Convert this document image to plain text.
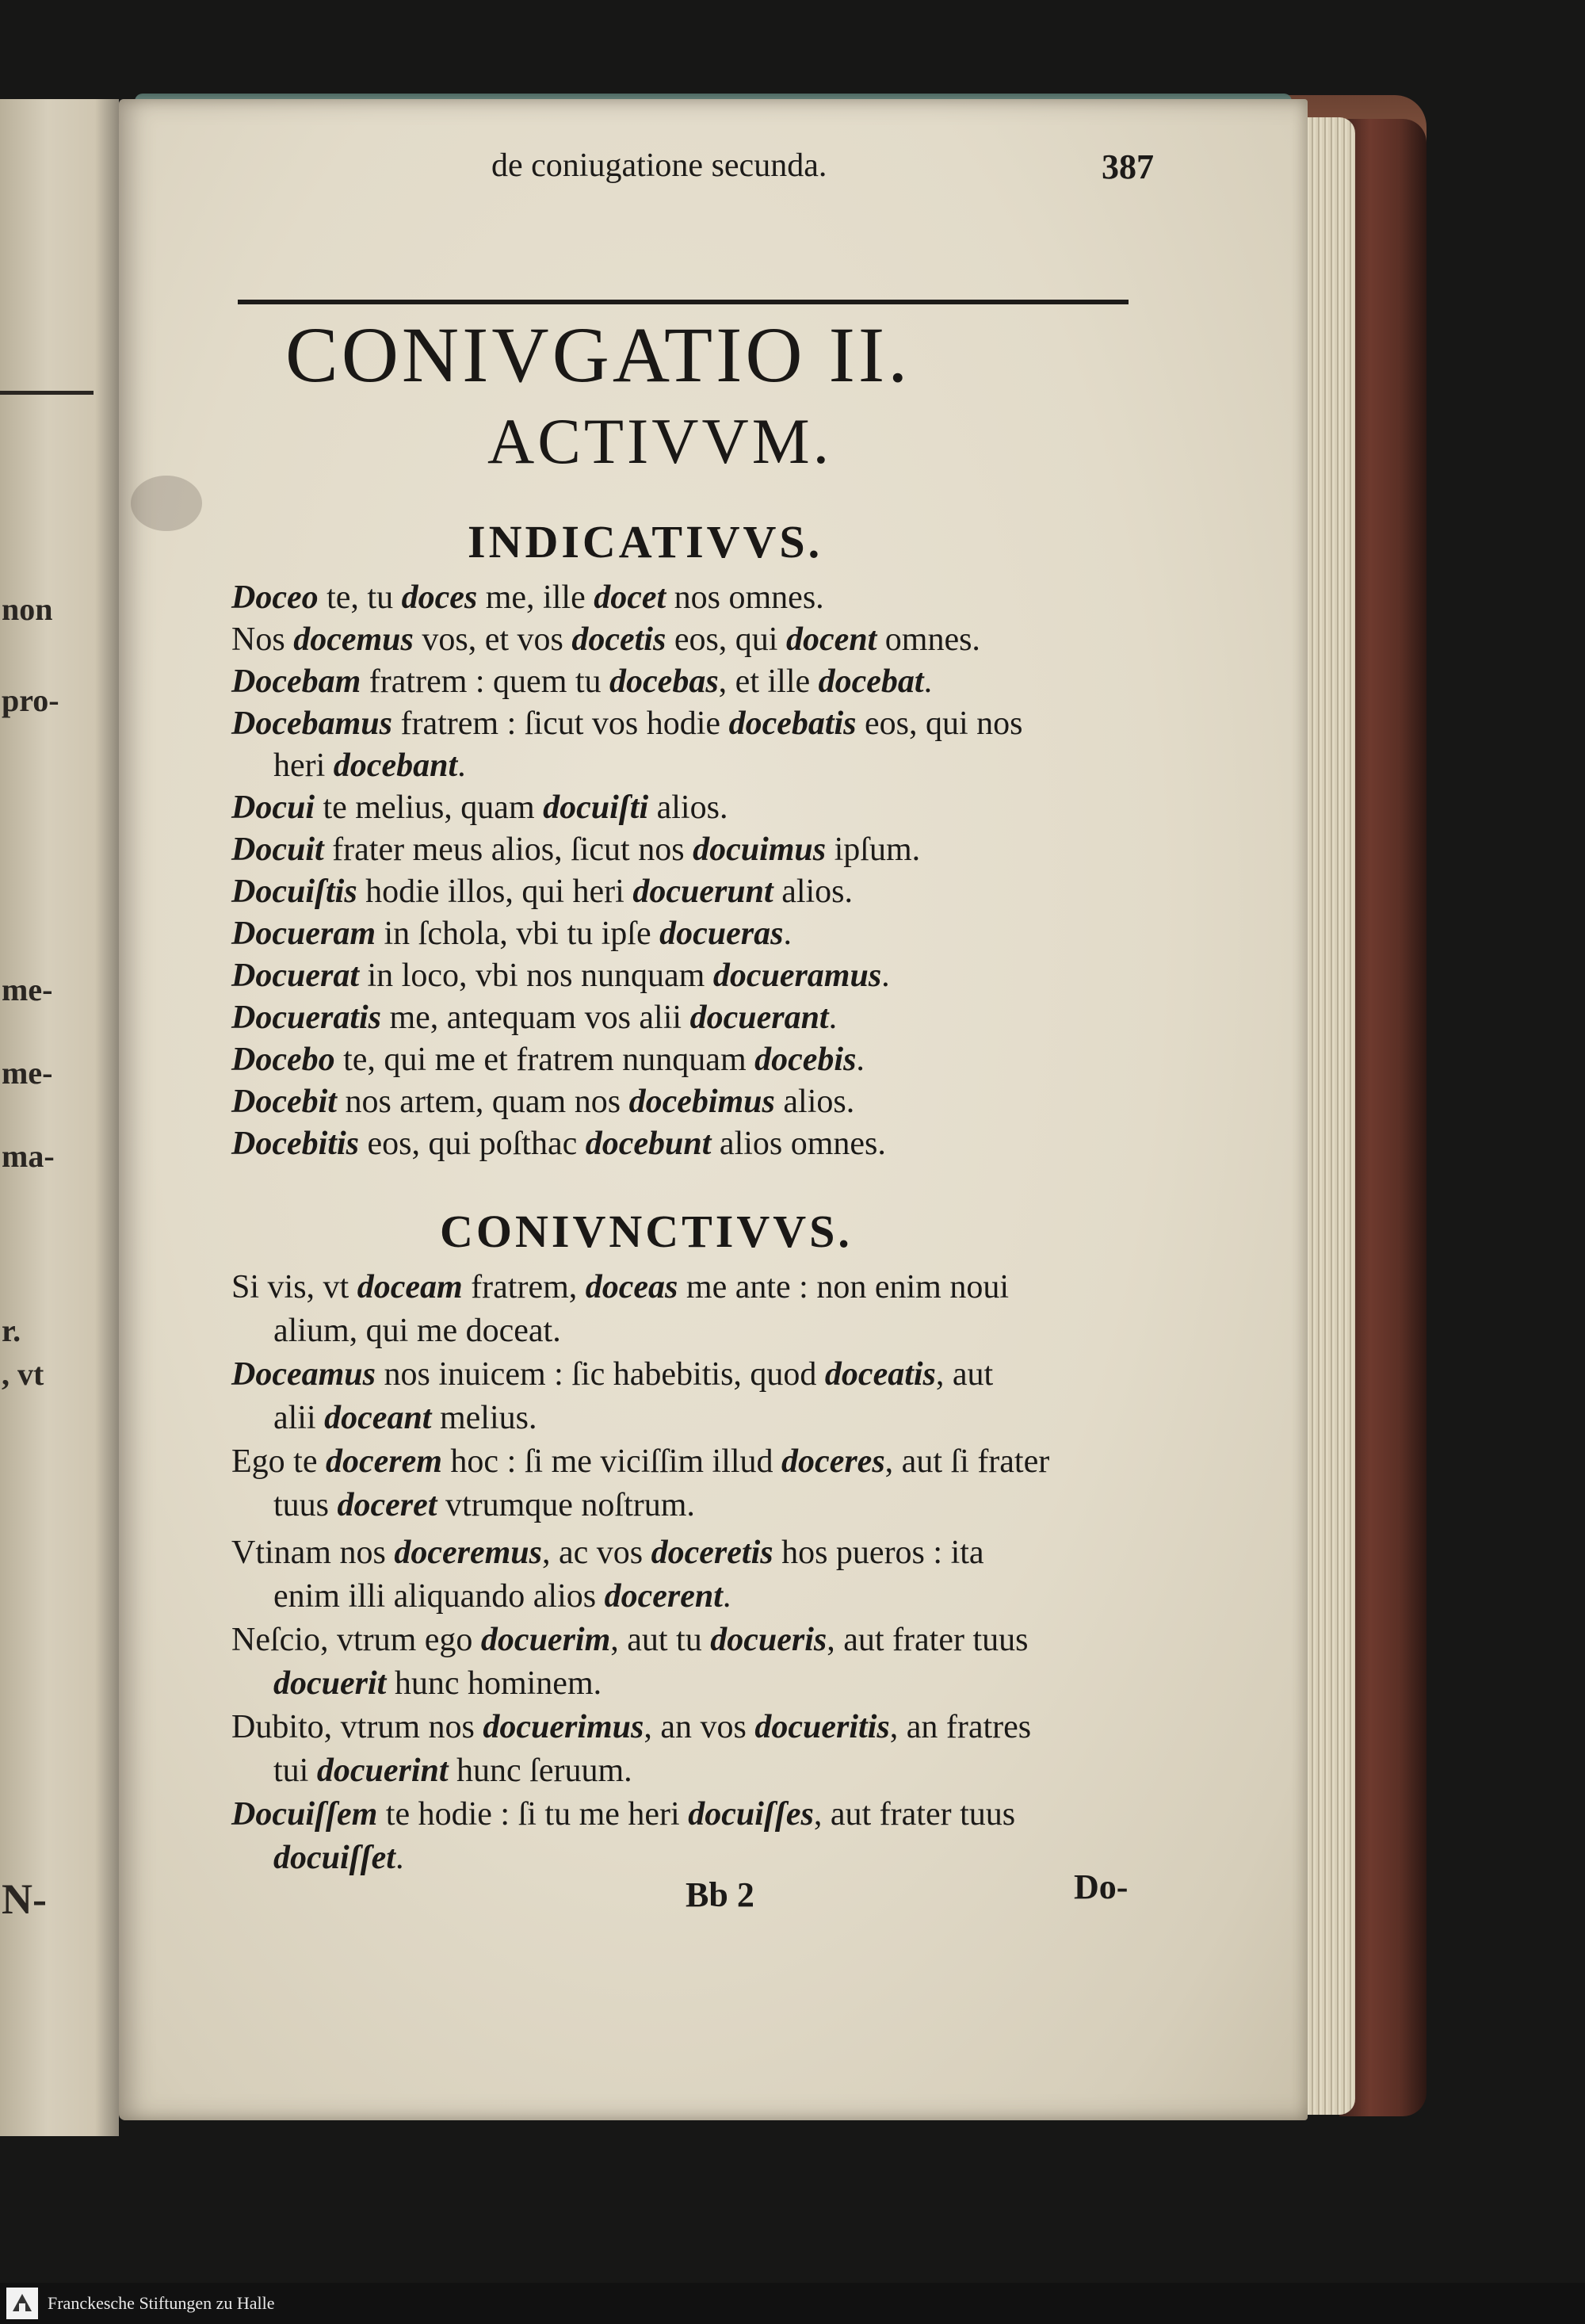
non
pro-
me-
me-
ma-
r.
, vt
N-
de coniugatione secunda.	387
CONIVGATIO II.
ACTIVVM.
INDICATIVVS.
Doceo te, tu doces me, ille docet nos omnes.
Nos docemus vos, et vos docetis eos, qui docent omnes.
Docebam fratrem : quem tu docebas, et ille docebat.
Docebamus fratrem : ſicut vos hodie docebatis eos, qui nos
heri docebant.
Docui te melius, quam docuiſti alios.
Docuit frater meus alios, ſicut nos docuimus ipſum.
Docuiſtis hodie illos, qui heri docuerunt alios.
Docueram in ſchola, vbi tu ipſe docueras.
Docuerat in loco, vbi nos nunquam docueramus.
Docueratis me, antequam vos alii docuerant.
Docebo te, qui me et fratrem nunquam docebis.
Docebit nos artem, quam nos docebimus alios.
Docebitis eos, qui poſthac docebunt alios omnes.
CONIVNCTIVVS.
Si vis, vt doceam fratrem, doceas me ante : non enim noui
alium, qui me doceat.
Doceamus nos inuicem : ſic habebitis, quod doceatis, aut
alii doceant melius.
Ego te docerem hoc : ſi me viciſſim illud doceres, aut ſi frater
tuus doceret vtrumque noſtrum.
Vtinam nos doceremus, ac vos doceretis hos pueros : ita
enim illi aliquando alios docerent.
Neſcio, vtrum ego docuerim, aut tu docueris, aut frater tuus
docuerit hunc hominem.
Dubito, vtrum nos docuerimus, an vos docueritis, an fratres
tui docuerint hunc ſeruum.
Docuiſſem te hodie : ſi tu me heri docuiſſes, aut frater tuus
docuiſſet.
Bb 2	Do-
Franckesche Stiftungen zu Halle
